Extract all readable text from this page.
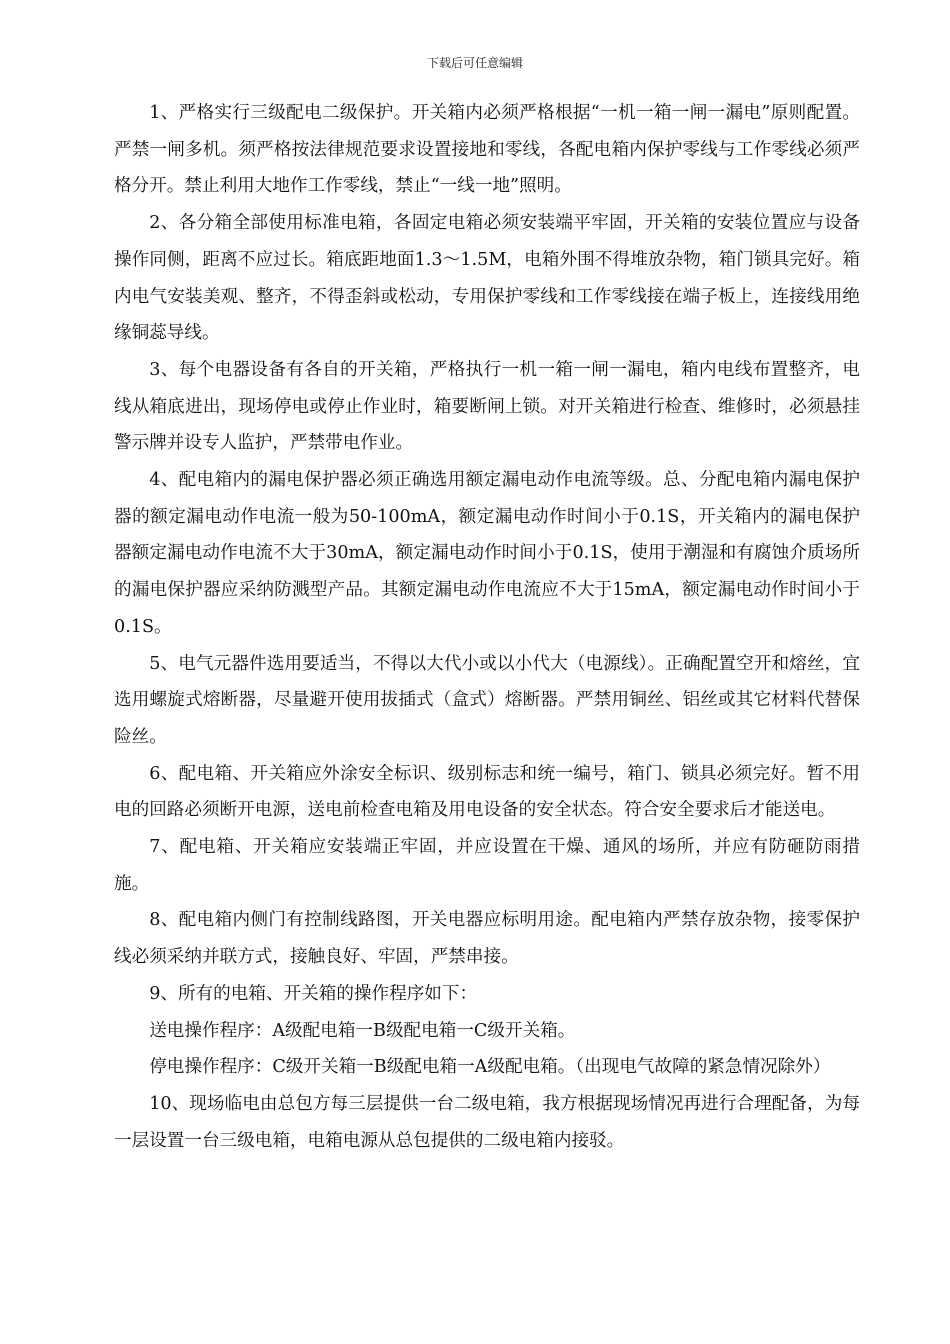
下载后可任意编辑

1、严格实行三级配电二级保护。开关箱内必须严格根据“一机一箱一闸一漏电”原则配置。严禁一闸多机。须严格按法律规范要求设置接地和零线，各配电箱内保护零线与工作零线必须严格分开。禁止利用大地作工作零线，禁止“一线一地”照明。

2、各分箱全部使用标准电箱，各固定电箱必须安装端平牢固，开关箱的安装位置应与设备操作同侧，距离不应过长。箱底距地面1.3～1.5M，电箱外围不得堆放杂物，箱门锁具完好。箱内电气安装美观、整齐，不得歪斜或松动，专用保护零线和工作零线接在端子板上，连接线用绝缘铜蕊导线。

3、每个电器设备有各自的开关箱，严格执行一机一箱一闸一漏电，箱内电线布置整齐，电线从箱底进出，现场停电或停止作业时，箱要断闸上锁。对开关箱进行检查、维修时，必须悬挂警示牌并设专人监护，严禁带电作业。

4、配电箱内的漏电保护器必须正确选用额定漏电动作电流等级。总、分配电箱内漏电保护器的额定漏电动作电流一般为50-100mA，额定漏电动作时间小于0.1S，开关箱内的漏电保护器额定漏电动作电流不大于30mA，额定漏电动作时间小于0.1S，使用于潮湿和有腐蚀介质场所的漏电保护器应采纳防溅型产品。其额定漏电动作电流应不大于15mA，额定漏电动作时间小于0.1S。

5、电气元器件选用要适当，不得以大代小或以小代大（电源线）。正确配置空开和熔丝，宜选用螺旋式熔断器，尽量避开使用拔插式（盒式）熔断器。严禁用铜丝、铝丝或其它材料代替保险丝。

6、配电箱、开关箱应外涂安全标识、级别标志和统一编号，箱门、锁具必须完好。暂不用电的回路必须断开电源，送电前检查电箱及用电设备的安全状态。符合安全要求后才能送电。

7、配电箱、开关箱应安装端正牢固，并应设置在干燥、通风的场所，并应有防砸防雨措施。

8、配电箱内侧门有控制线路图，开关电器应标明用途。配电箱内严禁存放杂物，接零保护线必须采纳并联方式，接触良好、牢固，严禁串接。

9、所有的电箱、开关箱的操作程序如下：

送电操作程序：A级配电箱一B级配电箱一C级开关箱。

停电操作程序：C级开关箱一B级配电箱一A级配电箱。（出现电气故障的紧急情况除外）

10、现场临电由总包方每三层提供一台二级电箱，我方根据现场情况再进行合理配备，为每一层设置一台三级电箱，电箱电源从总包提供的二级电箱内接驳。
